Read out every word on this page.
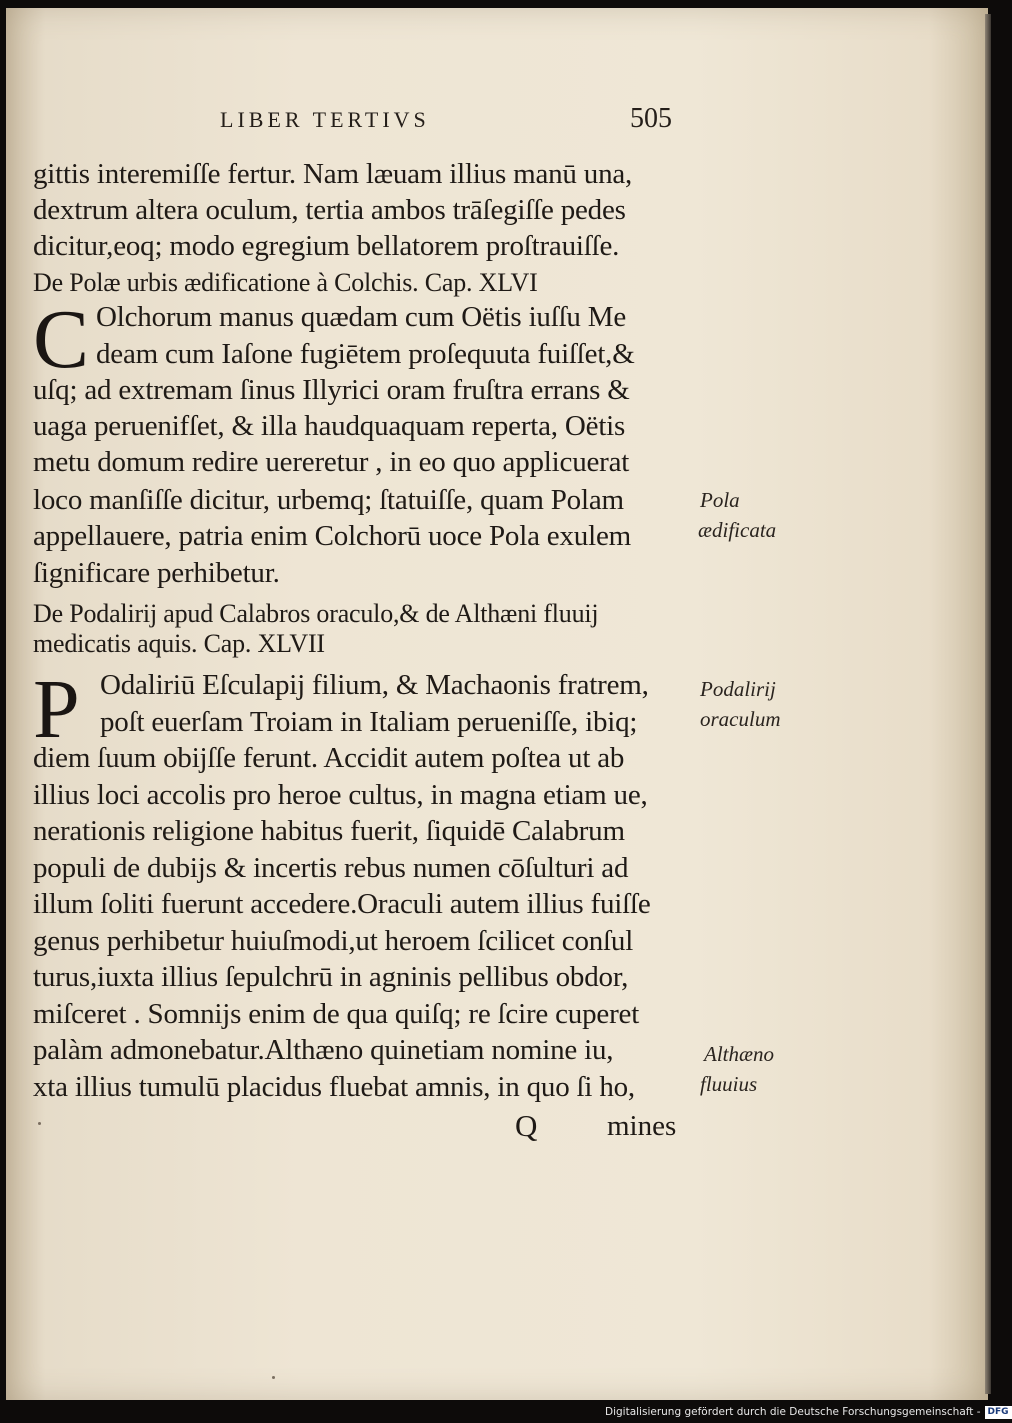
LIBER TERTIVS	505
gittis interemiſſe fertur. Nam læuam illius manū una,
dextrum altera oculum, tertia ambos trāſegiſſe pedes
dicitur,eoq; modo egregium bellatorem proſtrauiſſe.
De Polæ urbis ædificatione à Colchis. Cap. XLVI
C Olchorum manus quædam cum Oëtis iuſſu Me
deam cum Iaſone fugiētem proſequuta fuiſſet,&
uſq; ad extremam ſinus Illyrici oram fruſtra errans &
uaga peruenifſet, & illa haudquaquam reperta, Oëtis
metu domum redire uereretur , in eo quo applicuerat
loco manſiſſe dicitur, urbemq; ſtatuiſſe, quam Polam
appellauere, patria enim Colchorū uoce Pola exulem
ſignificare perhibetur.
De Podalirij apud Calabros oraculo,& de Althæni fluuij
medicatis aquis. Cap. XLVII
P Odaliriū Eſculapij filium, & Machaonis fratrem,
poſt euerſam Troiam in Italiam perueniſſe, ibiq;
diem ſuum obijſſe ferunt. Accidit autem poſtea ut ab
illius loci accolis pro heroe cultus, in magna etiam ue,
nerationis religione habitus fuerit, ſiquidē Calabrum
populi de dubijs & incertis rebus numen cōſulturi ad
illum ſoliti fuerunt accedere.Oraculi autem illius fuiſſe
genus perhibetur huiuſmodi,ut heroem ſcilicet conſul
turus,iuxta illius ſepulchrū in agninis pellibus obdor,
miſceret . Somnijs enim de qua quiſq; re ſcire cuperet
palàm admonebatur.Althæno quinetiam nomine iu,
xta illius tumulū placidus fluebat amnis, in quo ſi ho,
Pola
ædificata
Podalirij
oraculum
Althæno
fluuius
Q mines
Digitalisierung gefördert durch die Deutsche Forschungsgemeinschaft - DFG
